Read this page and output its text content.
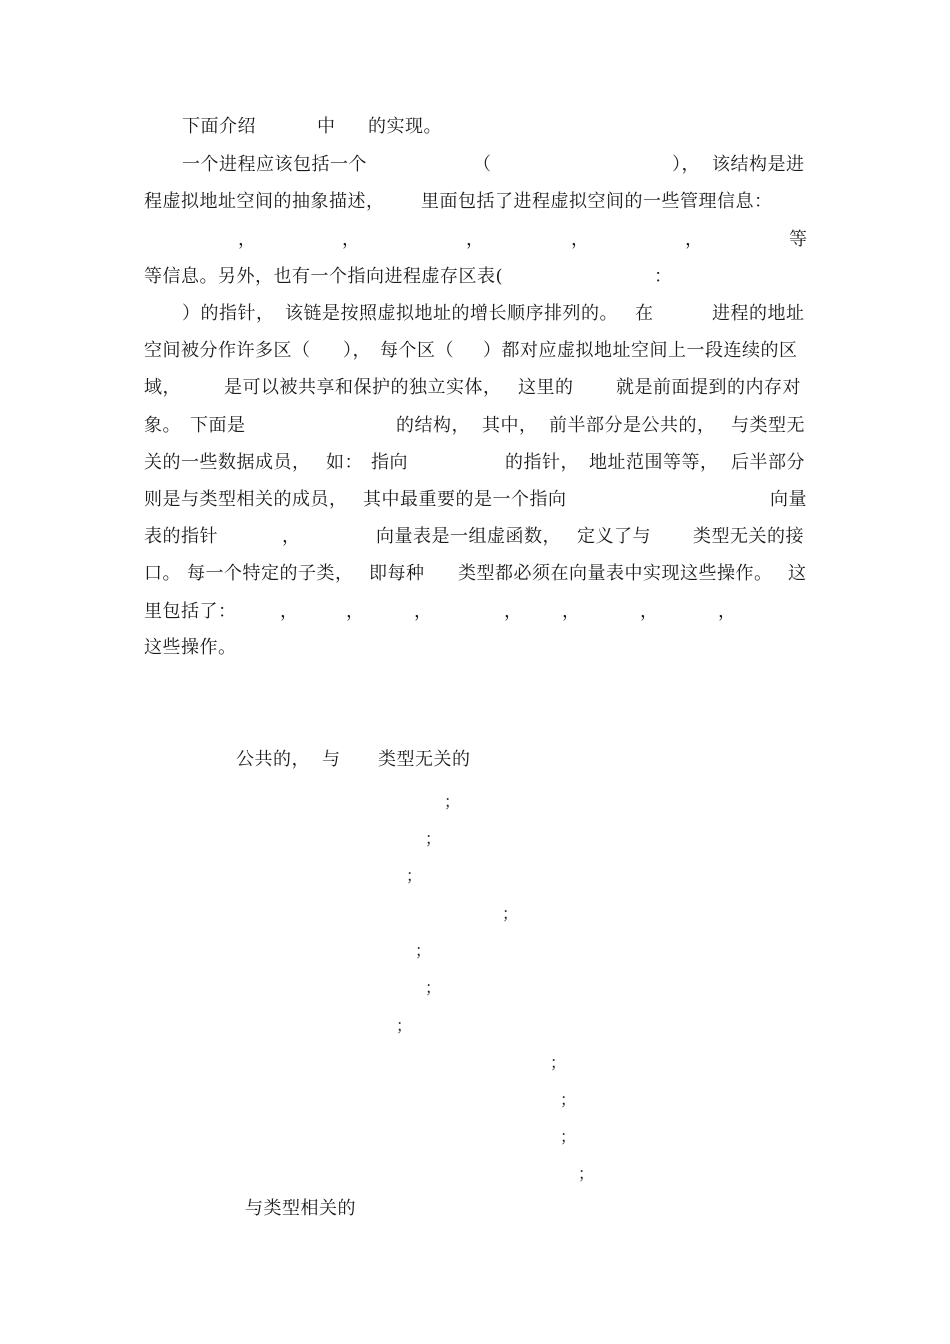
下面介绍	中 的实现。
一个进程应该包括一个	（	）， 该结构是进
程虚拟地址空间的抽象描述， 里面包括了进程虚拟空间的一些管理信息：
，	，	，	，	，	等
等信息。另外，也有一个指向进程虚存区表(	：
）的指针， 该链是按照虚拟地址的增长顺序排列的。 在	进程的地址
空间被分作许多区（ ）， 每个区（ ）都对应虚拟地址空间上一段连续的区
域， 是可以被共享和保护的独立实体， 这里的 就是前面提到的内存对
象。 下面是	的结构， 其中， 前半部分是公共的， 与类型无
关的一些数据成员， 如： 指向	的指针， 地址范围等等， 后半部分
则是与类型相关的成员， 其中最重要的是一个指向	向量
表的指针	，	向量表是一组虚函数， 定义了与 类型无关的接
口。 每一个特定的子类， 即每种 类型都必须在向量表中实现这些操作。 这
里包括了： ，	，	，	， ，	，	，
这些操作。
公共的， 与 类型无关的
；
；
；
；
；
；
；
；
；
；
；
与类型相关的
